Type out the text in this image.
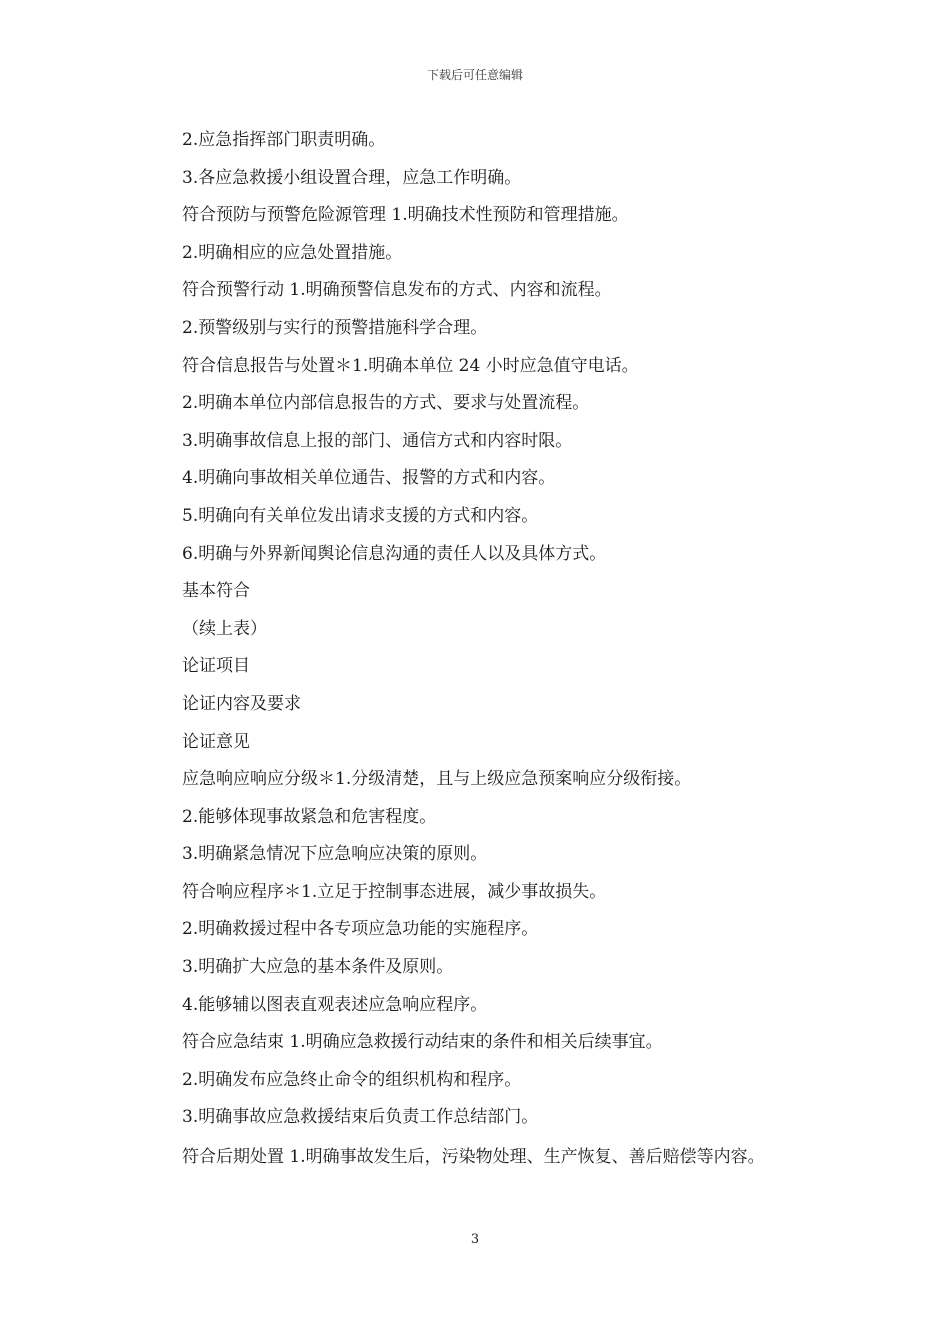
下载后可任意编辑
2.应急指挥部门职责明确。
3.各应急救援小组设置合理，应急工作明确。
符合预防与预警危险源管理 1.明确技术性预防和管理措施。
2.明确相应的应急处置措施。
符合预警行动 1.明确预警信息发布的方式、内容和流程。
2.预警级别与实行的预警措施科学合理。
符合信息报告与处置＊1.明确本单位 24 小时应急值守电话。
2.明确本单位内部信息报告的方式、要求与处置流程。
3.明确事故信息上报的部门、通信方式和内容时限。
4.明确向事故相关单位通告、报警的方式和内容。
5.明确向有关单位发出请求支援的方式和内容。
6.明确与外界新闻舆论信息沟通的责任人以及具体方式。
基本符合
（续上表）
论证项目
论证内容及要求
论证意见
应急响应响应分级＊1.分级清楚，且与上级应急预案响应分级衔接。
2.能够体现事故紧急和危害程度。
3.明确紧急情况下应急响应决策的原则。
符合响应程序＊1.立足于控制事态进展，减少事故损失。
2.明确救援过程中各专项应急功能的实施程序。
3.明确扩大应急的基本条件及原则。
4.能够辅以图表直观表述应急响应程序。
符合应急结束 1.明确应急救援行动结束的条件和相关后续事宜。
2.明确发布应急终止命令的组织机构和程序。
3.明确事故应急救援结束后负责工作总结部门。
符合后期处置 1.明确事故发生后，污染物处理、生产恢复、善后赔偿等内容。
3
